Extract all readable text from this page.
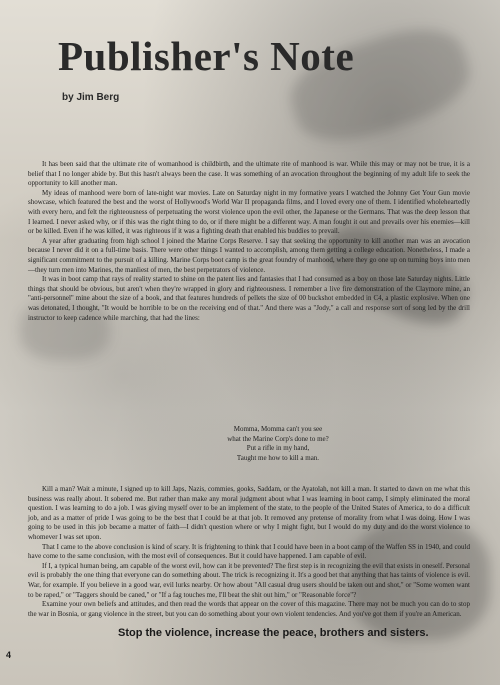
Publisher's Note
by Jim Berg

It has been said that the ultimate rite of womanhood is childbirth, and the ultimate rite of manhood is war. While this may or may not be true, it is a belief that I no longer abide by. But this hasn't always been the case. It was something of an avocation throughout the beginning of my adult life to seek the opportunity to kill another man.

My ideas of manhood were born of late-night war movies. Late on Saturday night in my formative years I watched the Johnny Get Your Gun movie showcase, which featured the best and the worst of Hollywood's World War II propaganda films, and I loved every one of them. I identified wholeheartedly with every hero, and felt the righteousness of perpetuating the worst violence upon the evil other, the Japanese or the Germans. That was the deep lesson that I learned. I never asked why, or if this was the right thing to do, or if there might be a different way. A man fought it out and prevails over his enemies—kill or be killed. Even if he was killed, it was righteous if it was a fighting death that enabled his buddies to prevail.

A year after graduating from high school I joined the Marine Corps Reserve. I say that seeking the opportunity to kill another man was an avocation because I never did it on a full-time basis. There were other things I wanted to accomplish, among them getting a college education. Nonetheless, I made a significant commitment to the pursuit of a killing. Marine Corps boot camp is the great foundry of manhood, where they go one up on turning boys into men—they turn men into Marines, the manliest of men, the best perpetrators of violence.

It was in boot camp that rays of reality started to shine on the patent lies and fantasies that I had consumed as a boy on those late Saturday nights. Little things that should be obvious, but aren't when they're wrapped in glory and righteousness. I remember a live fire demonstration of the Claymore mine, an "anti-personnel" mine about the size of a book, and that features hundreds of pellets the size of 00 buckshot embedded in C4, a plastic explosive. When one was detonated, I thought, "It would be horrible to be on the receiving end of that." And there was a "Jody," a call and response sort of song led by the drill instructor to keep cadence while marching, that had the lines:

Momma, Momma can't you see
what the Marine Corp's done to me?
Put a rifle in my hand,
Taught me how to kill a man.

Kill a man? Wait a minute, I signed up to kill Japs, Nazis, commies, gooks, Saddam, or the Ayatolah, not kill a man. It started to dawn on me what this business was really about. It sobered me. But rather than make any moral judgment about what I was learning in boot camp, I simply eliminated the moral question. I was learning to do a job. I was giving myself over to be an implement of the state, to the people of the United States of America, to do a difficult job, and as a matter of pride I was going to be the best that I could be at that job. It removed any pretense of morality from what I was doing. How I was going to be used in this job became a matter of faith—I didn't question where or why I might fight, but I would do my duty and do the worst violence to whomever I was set upon.

That I came to the above conclusion is kind of scary. It is frightening to think that I could have been in a boot camp of the Waffen SS in 1940, and could have come to the same conclusion, with the most evil of consequences. But it could have happened. I am capable of evil.

If I, a typical human being, am capable of the worst evil, how can it be prevented? The first step is in recognizing the evil that exists in oneself. Personal evil is probably the one thing that everyone can do something about. The trick is recognizing it. It's a good bet that anything that has taints of violence is evil. War, for example. If you believe in a good war, evil lurks nearby. Or how about "All casual drug users should be taken out and shot," or "Some women want to be raped," or "Taggers should be caned," or "If a fag touches me, I'll beat the shit out him," or "Reasonable force"?

Examine your own beliefs and attitudes, and then read the words that appear on the cover of this magazine. There may not be much you can do to stop the war in Bosnia, or gang violence in the street, but you can do something about your own violent tendencies. And you've got them if you're an American.

Stop the violence, increase the peace, brothers and sisters.
4
